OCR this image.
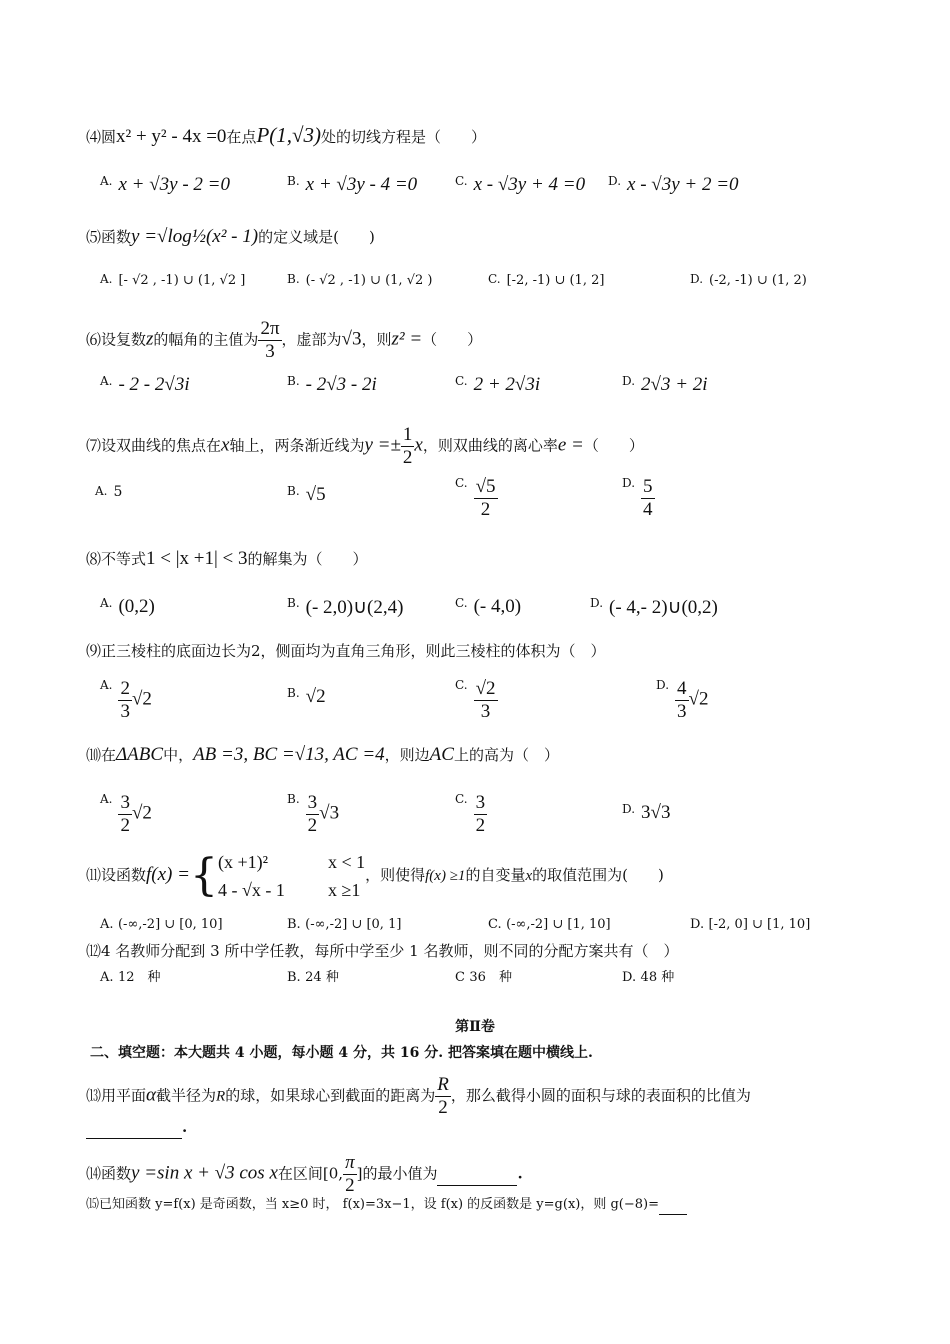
⑷圆x² + y² - 4x =0在点P(1,√3)处的切线方程是（　　）
A. x + √3y - 2 =0	B. x + √3y - 4 =0	C. x - √3y + 4 =0 D. x - √3y + 2 =0
⑸函数y =√log½(x² - 1)的定义域是(　　)
A. [- √2 , -1) ∪ (1, √2 ]	B. (- √2 , -1) ∪ (1, √2 )	C. [-2, -1) ∪ (1, 2]	D. (-2, -1) ∪ (1, 2)
⑹设复数z的幅角的主值为 $\frac{2\pi}{3}$ ，虚部为√3，则z² =（　　）
A. - 2 - 2√3i	B. - 2√3 - 2i	C. 2 + 2√3i	D. 2√3 + 2i
⑺设双曲线的焦点在x轴上，两条渐近线为$y =\pm \frac{1}{2}$ x，则双曲线的离心率e =（　　）
A. 5	B. √5
C. $\frac{√5}{2}$	D. $\frac{5}{4}$
⑻不等式1 < |x +1| < 3的解集为（　　）
A. (0,2)	B. (- 2,0)∪(2,4)	C. (- 4,0)	D. (- 4,- 2)∪(0,2)
⑼正三棱柱的底面边长为2，侧面均为直角三角形，则此三棱柱的体积为（　）
A. $\frac{2}{3} √2$	B. √2
C. $\frac{√2}{3}$	D. $\frac{4}{3} √2$
⑽在ΔABC中，AB =3, BC =√13, AC =4，则边AC上的高为（　）
A. $\frac{3}{2} √2$
B. $\frac{3}{2} √3$
C. $\frac{3}{2}$	D. 3√3
⑾设函数f(x) ={ (x +1)²	x < 1
4 - √x - 1 x ≥1
，则使得f(x) ≥1的自变量x的取值范围为(　　)
A. (-∞,-2] ∪ [0, 10]	B. (-∞,-2] ∪ [0, 1]	C. (-∞,-2] ∪ [1, 10]	D. [-2, 0] ∪ [1, 10]
⑿4 名教师分配到 3 所中学任教，每所中学至少 1 名教师，则不同的分配方案共有（　）
A. 12　种	B. 24 种	C 36　种	D. 48 种
第Ⅱ卷
二、填空题：本大题共 4 小题，每小题 4 分，共 16 分. 把答案填在题中横线上.
⒀用平面α截半径为R的球，如果球心到截面的距离为 $\frac{R}{2}$ ，那么截得小圆的面积与球的表面积的比值为
.
⒁函数y =sin x + √3 cos x在区间[0, $\frac{\pi}{2}$ ]的最小值为	.
⒂已知函数 y=f(x) 是奇函数，当 x≥0 时， f(x)=3x−1，设 f(x) 的反函数是 y=g(x)，则 g(−8)=
